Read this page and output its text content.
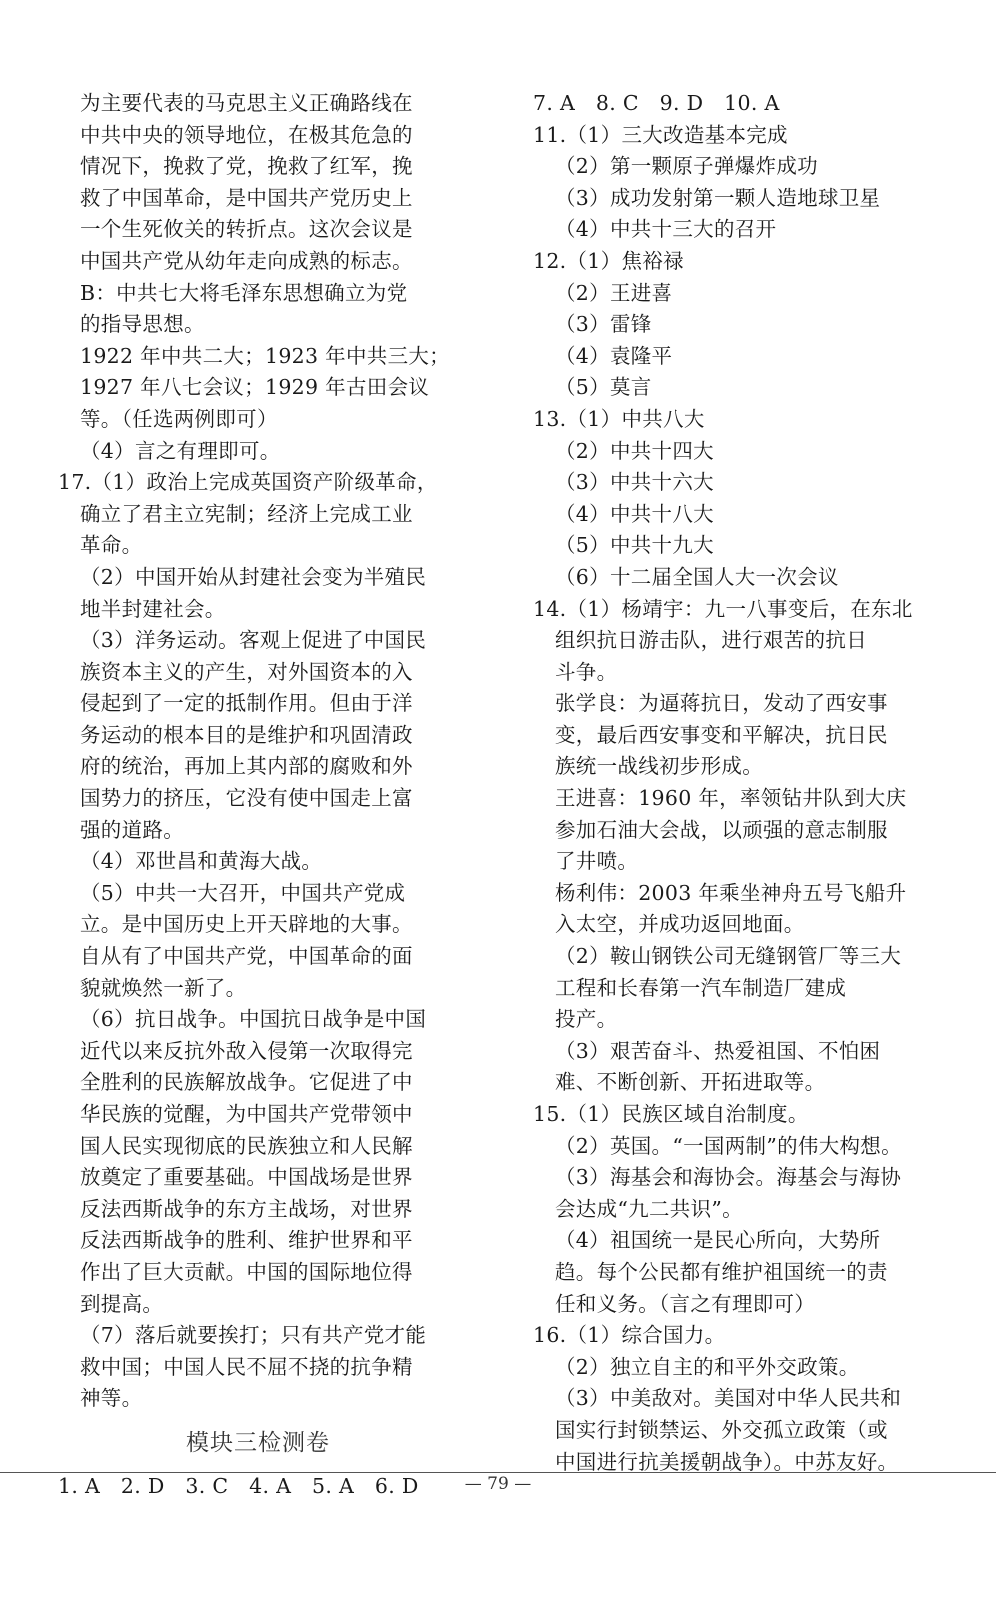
为主要代表的马克思主义正确路线在
中共中央的领导地位，在极其危急的
情况下，挽救了党，挽救了红军，挽
救了中国革命，是中国共产党历史上
一个生死攸关的转折点。这次会议是
中国共产党从幼年走向成熟的标志。
B：中共七大将毛泽东思想确立为党
的指导思想。
1922 年中共二大；1923 年中共三大；
1927 年八七会议；1929 年古田会议
等。（任选两例即可）
（4）言之有理即可。
17.（1）政治上完成英国资产阶级革命，
确立了君主立宪制；经济上完成工业
革命。
（2）中国开始从封建社会变为半殖民
地半封建社会。
（3）洋务运动。客观上促进了中国民
族资本主义的产生，对外国资本的入
侵起到了一定的抵制作用。但由于洋
务运动的根本目的是维护和巩固清政
府的统治，再加上其内部的腐败和外
国势力的挤压，它没有使中国走上富
强的道路。
（4）邓世昌和黄海大战。
（5）中共一大召开，中国共产党成
立。是中国历史上开天辟地的大事。
自从有了中国共产党，中国革命的面
貌就焕然一新了。
（6）抗日战争。中国抗日战争是中国
近代以来反抗外敌入侵第一次取得完
全胜利的民族解放战争。它促进了中
华民族的觉醒，为中国共产党带领中
国人民实现彻底的民族独立和人民解
放奠定了重要基础。中国战场是世界
反法西斯战争的东方主战场，对世界
反法西斯战争的胜利、维护世界和平
作出了巨大贡献。中国的国际地位得
到提高。
（7）落后就要挨打；只有共产党才能
救中国；中国人民不屈不挠的抗争精
神等。
模块三检测卷
1. A　2. D　3. C　4. A　5. A　6. D
7. A　8. C　9. D　10. A
11.（1）三大改造基本完成
（2）第一颗原子弹爆炸成功
（3）成功发射第一颗人造地球卫星
（4）中共十三大的召开
12.（1）焦裕禄
（2）王进喜
（3）雷锋
（4）袁隆平
（5）莫言
13.（1）中共八大
（2）中共十四大
（3）中共十六大
（4）中共十八大
（5）中共十九大
（6）十二届全国人大一次会议
14.（1）杨靖宇：九一八事变后，在东北
组织抗日游击队，进行艰苦的抗日
斗争。
张学良：为逼蒋抗日，发动了西安事
变，最后西安事变和平解决，抗日民
族统一战线初步形成。
王进喜：1960 年，率领钻井队到大庆
参加石油大会战，以顽强的意志制服
了井喷。
杨利伟：2003 年乘坐神舟五号飞船升
入太空，并成功返回地面。
（2）鞍山钢铁公司无缝钢管厂等三大
工程和长春第一汽车制造厂建成
投产。
（3）艰苦奋斗、热爱祖国、不怕困
难、不断创新、开拓进取等。
15.（1）民族区域自治制度。
（2）英国。“一国两制”的伟大构想。
（3）海基会和海协会。海基会与海协
会达成“九二共识”。
（4）祖国统一是民心所向，大势所
趋。每个公民都有维护祖国统一的责
任和义务。（言之有理即可）
16.（1）综合国力。
（2）独立自主的和平外交政策。
（3）中美敌对。美国对中华人民共和
国实行封锁禁运、外交孤立政策（或
中国进行抗美援朝战争）。中苏友好。
— 79 —
